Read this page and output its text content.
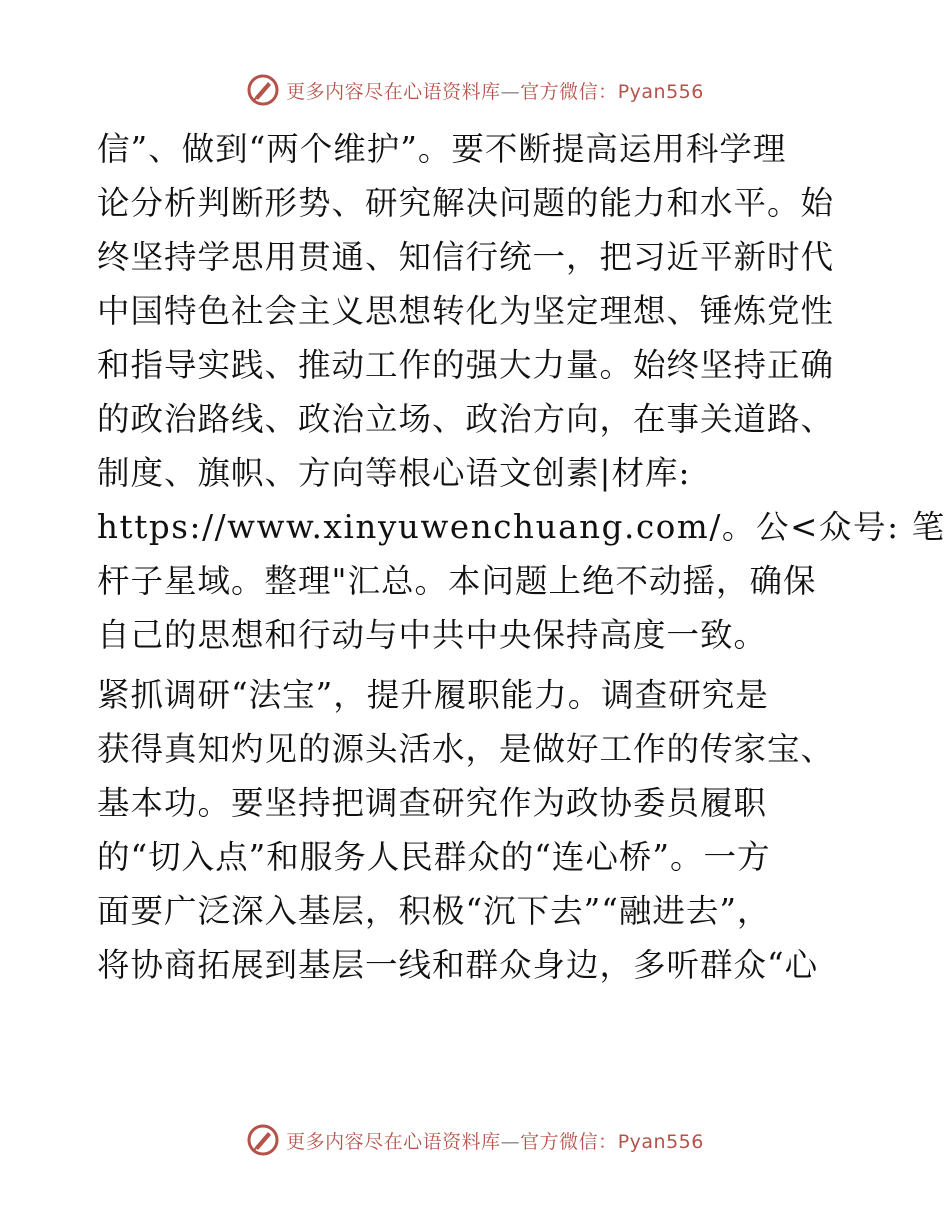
更多内容尽在心语资料库—官方微信：Pyan556
信”、做到“两个维护”。要不断提高运用科学理
论分析判断形势、研究解决问题的能力和水平。始
终坚持学思用贯通、知信行统一，把习近平新时代
中国特色社会主义思想转化为坚定理想、锤炼党性
和指导实践、推动工作的强大力量。始终坚持正确
的政治路线、政治立场、政治方向，在事关道路、
制度、旗帜、方向等根心语文创素|材库:
https://www.xinyuwenchuang.com/。公<众号: 笔
杆子星域。整理"汇总。本问题上绝不动摇，确保
自己的思想和行动与中共中央保持高度一致。
紧抓调研“法宝”，提升履职能力。调查研究是
获得真知灼见的源头活水，是做好工作的传家宝、
基本功。要坚持把调查研究作为政协委员履职
的“切入点”和服务人民群众的“连心桥”。一方
面要广泛深入基层，积极“沉下去”“融进去”，
将协商拓展到基层一线和群众身边，多听群众“心
更多内容尽在心语资料库—官方微信：Pyan556
